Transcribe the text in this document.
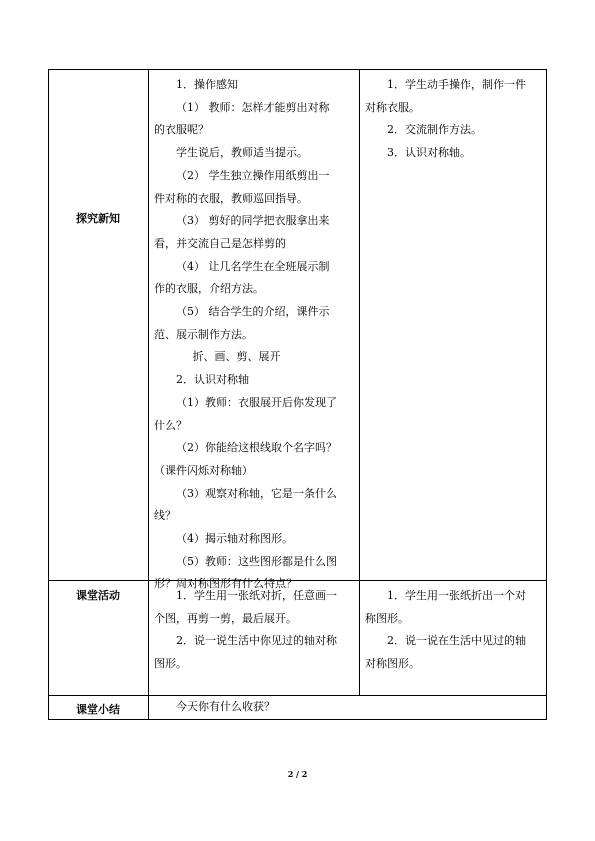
探究新知

1．操作感知

（1） 教师：怎样才能剪出对称

的衣服呢？

学生说后，教师适当提示。

（2） 学生独立操作用纸剪出一

件对称的衣服，教师巡回指导。

（3） 剪好的同学把衣服拿出来

看，并交流自己是怎样剪的

（4） 让几名学生在全班展示制

作的衣服，介绍方法。

（5） 结合学生的介绍，课件示

范、展示制作方法。

折、画、剪、展开

2．认识对称轴

（1）教师：衣服展开后你发现了

什么？

（2）你能给这根线取个名字吗？

（课件闪烁对称轴）

（3）观察对称轴，它是一条什么

线？

（4）揭示轴对称图形。

（5）教师：这些图形都是什么图

形？周对称图形有什么特点？

1．学生动手操作，制作一件

对称衣服。

2．交流制作方法。

3．认识对称轴。

课堂活动	1．学生用一张纸对折，任意画一

个图，再剪一剪，最后展开。

2．说一说生活中你见过的轴对称

图形。

1．学生用一张纸折出一个对

称图形。

2．说一说在生活中见过的轴

对称图形。

课堂小结	今天你有什么收获？

2 / 2
